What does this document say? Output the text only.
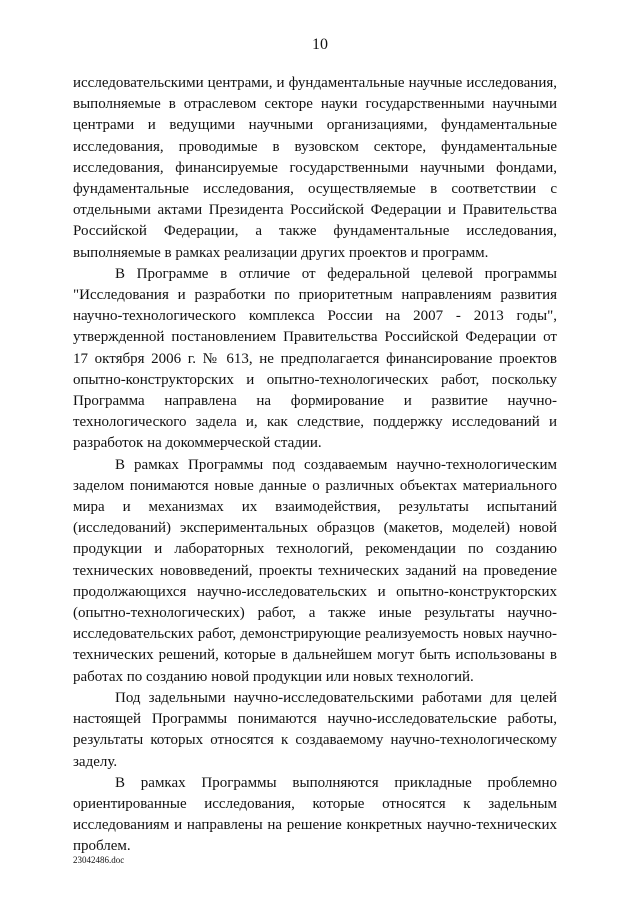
10

исследовательскими центрами, и фундаментальные научные исследования, выполняемые в отраслевом секторе науки государственными научными центрами и ведущими научными организациями, фундаментальные исследования, проводимые в вузовском секторе, фундаментальные исследования, финансируемые государственными научными фондами, фундаментальные исследования, осуществляемые в соответствии с отдельными актами Президента Российской Федерации и Правительства Российской Федерации, а также фундаментальные исследования, выполняемые в рамках реализации других проектов и программ.

В Программе в отличие от федеральной целевой программы "Исследования и разработки по приоритетным направлениям развития научно-технологического комплекса России на 2007 - 2013 годы", утвержденной постановлением Правительства Российской Федерации от 17 октября 2006 г. № 613, не предполагается финансирование проектов опытно-конструкторских и опытно-технологических работ, поскольку Программа направлена на формирование и развитие научно-технологического задела и, как следствие, поддержку исследований и разработок на докоммерческой стадии.

В рамках Программы под создаваемым научно-технологическим заделом понимаются новые данные о различных объектах материального мира и механизмах их взаимодействия, результаты испытаний (исследований) экспериментальных образцов (макетов, моделей) новой продукции и лабораторных технологий, рекомендации по созданию технических нововведений, проекты технических заданий на проведение продолжающихся научно-исследовательских и опытно-конструкторских (опытно-технологических) работ, а также иные результаты научно-исследовательских работ, демонстрирующие реализуемость новых научно-технических решений, которые в дальнейшем могут быть использованы в работах по созданию новой продукции или новых технологий.

Под задельными научно-исследовательскими работами для целей настоящей Программы понимаются научно-исследовательские работы, результаты которых относятся к создаваемому научно-технологическому заделу.

В рамках Программы выполняются прикладные проблемно ориентированные исследования, которые относятся к задельным исследованиям и направлены на решение конкретных научно-технических проблем.

23042486.doc
